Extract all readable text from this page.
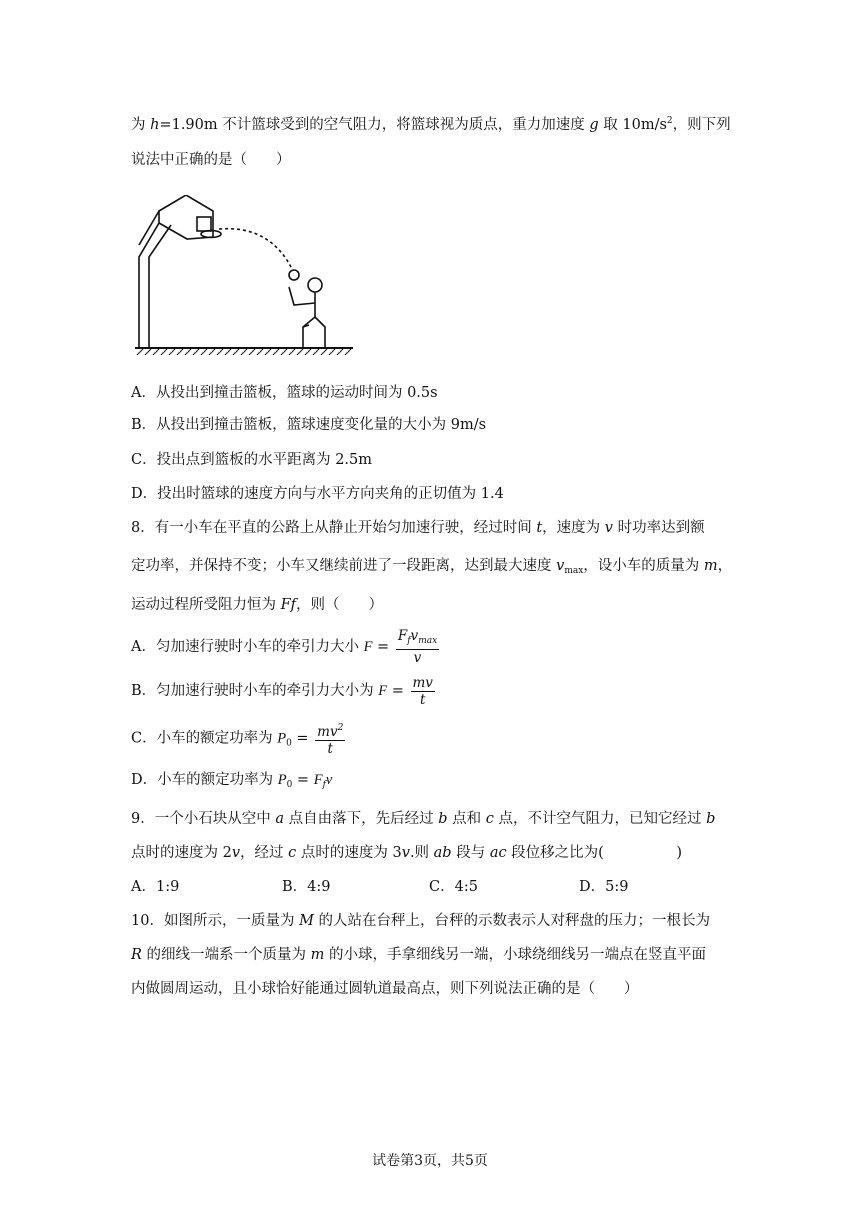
为 h=1.90m 不计篮球受到的空气阻力，将篮球视为质点，重力加速度 g 取 $10m/s^2$，则下列
说法中正确的是（　　）
A．从投出到撞击篮板，篮球的运动时间为 0.5s
B．从投出到撞击篮板，篮球速度变化量的大小为 9m/s
C．投出点到篮板的水平距离为 2.5m
D．投出时篮球的速度方向与水平方向夹角的正切值为 1.4
8．有一小车在平直的公路上从静止开始匀加速行驶，经过时间 t，速度为 v 时功率达到额
定功率，并保持不变；小车又继续前进了一段距离，达到最大速度 $v_{max}$，设小车的质量为 m，
运动过程所受阻力恒为 Ff，则（　　）
A．匀加速行驶时小车的牵引力大小 $F = \frac{F_fv_{max}}{v}$
B．匀加速行驶时小车的牵引力大小为 $F = \frac{mv}{t}$
C．小车的额定功率为 $P_0 = \frac{mv^2}{t}$
D．小车的额定功率为 $P_0 = F_fv$
9．一个小石块从空中 a 点自由落下，先后经过 b 点和 c 点，不计空气阻力，已知它经过 b
点时的速度为 2v，经过 c 点时的速度为 3v.则 ab 段与 ac 段位移之比为(　　　　　)
A．1:9	B．4:9	C．4:5	D．5:9
10．如图所示，一质量为 M 的人站在台秤上，台秤的示数表示人对秤盘的压力；一根长为
R 的细线一端系一个质量为 m 的小球，手拿细线另一端，小球绕细线另一端点在竖直平面
内做圆周运动，且小球恰好能通过圆轨道最高点，则下列说法正确的是（　　）
试卷第3页，共5页
